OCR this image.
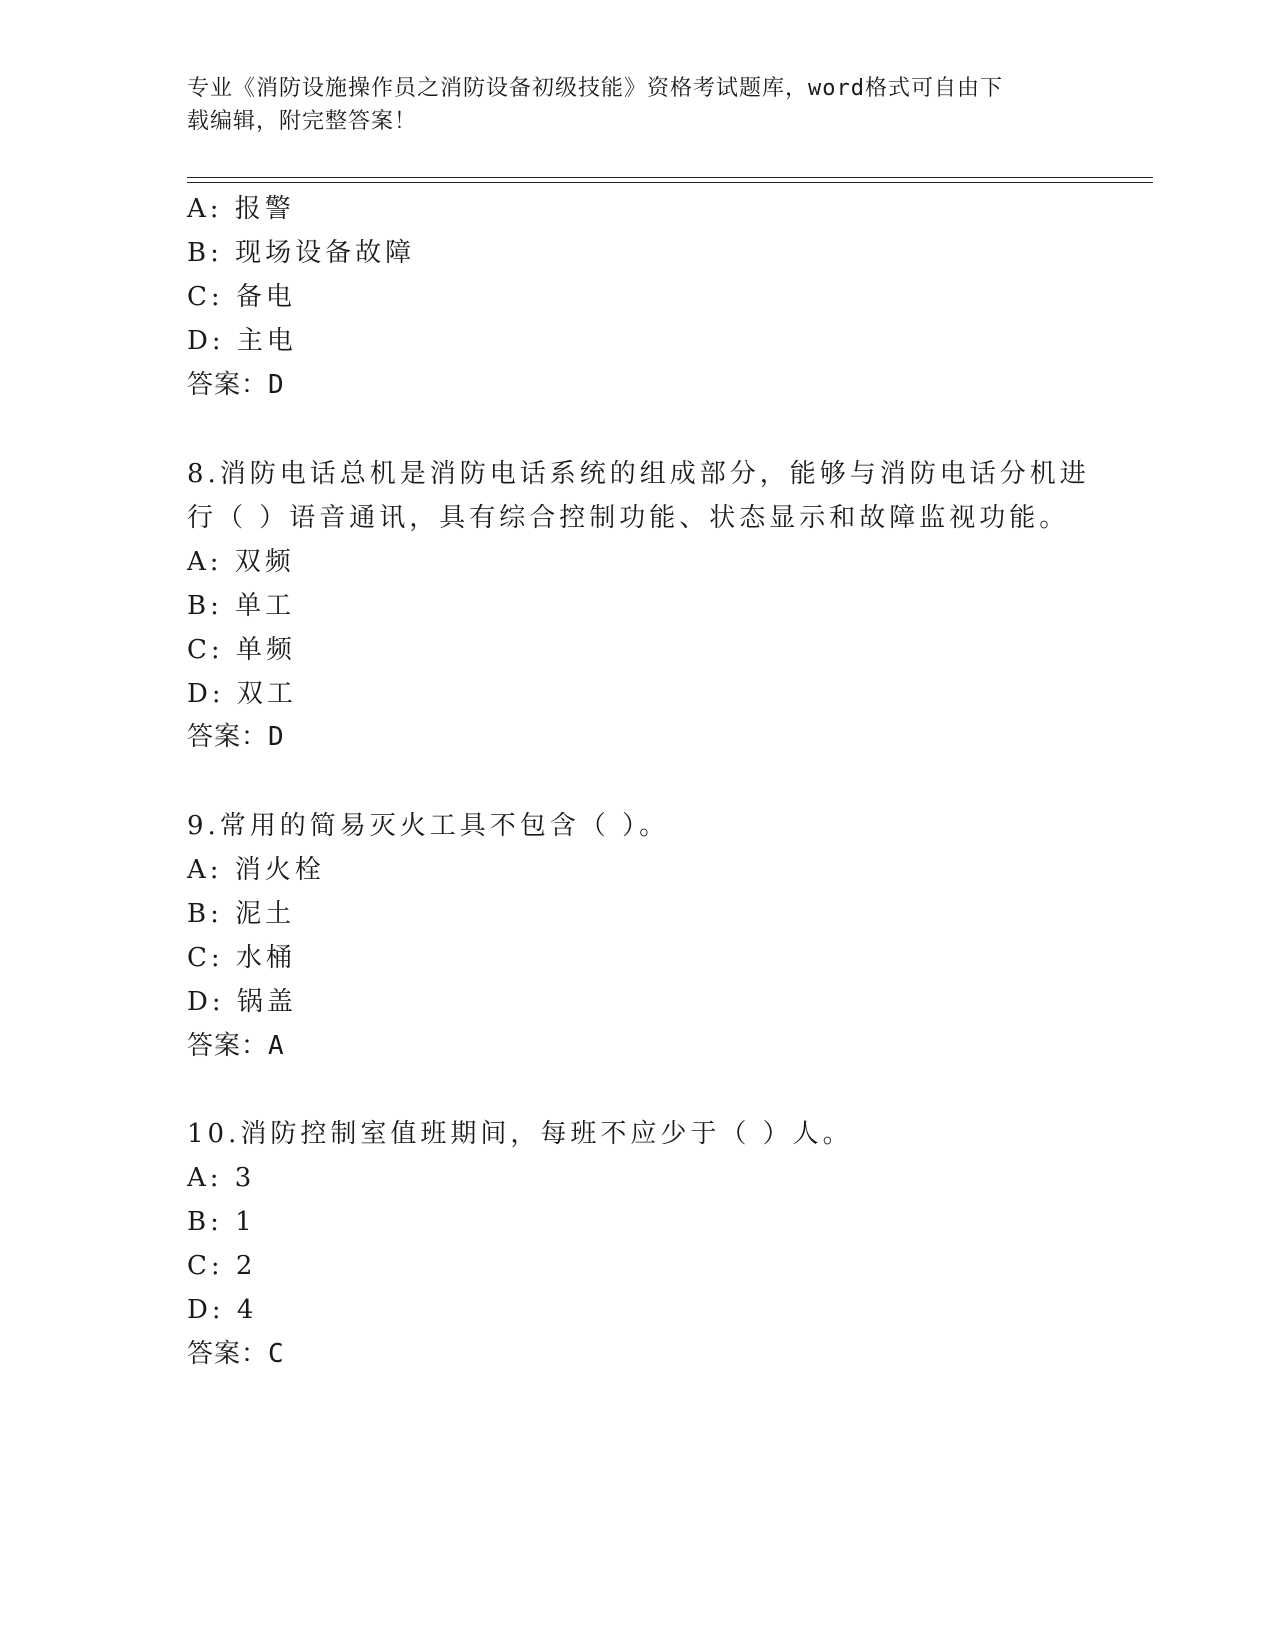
专业《消防设施操作员之消防设备初级技能》资格考试题库，word格式可自由下
载编辑，附完整答案！
A: 报警
B: 现场设备故障
C: 备电
D: 主电
答案：D
8.消防电话总机是消防电话系统的组成部分，能够与消防电话分机进
行（ ）语音通讯，具有综合控制功能、状态显示和故障监视功能。
A: 双频
B: 单工
C: 单频
D: 双工
答案：D
9.常用的简易灭火工具不包含（ ）。
A: 消火栓
B: 泥土
C: 水桶
D: 锅盖
答案：A
10.消防控制室值班期间，每班不应少于（ ）人。
A: 3
B: 1
C: 2
D: 4
答案：C
